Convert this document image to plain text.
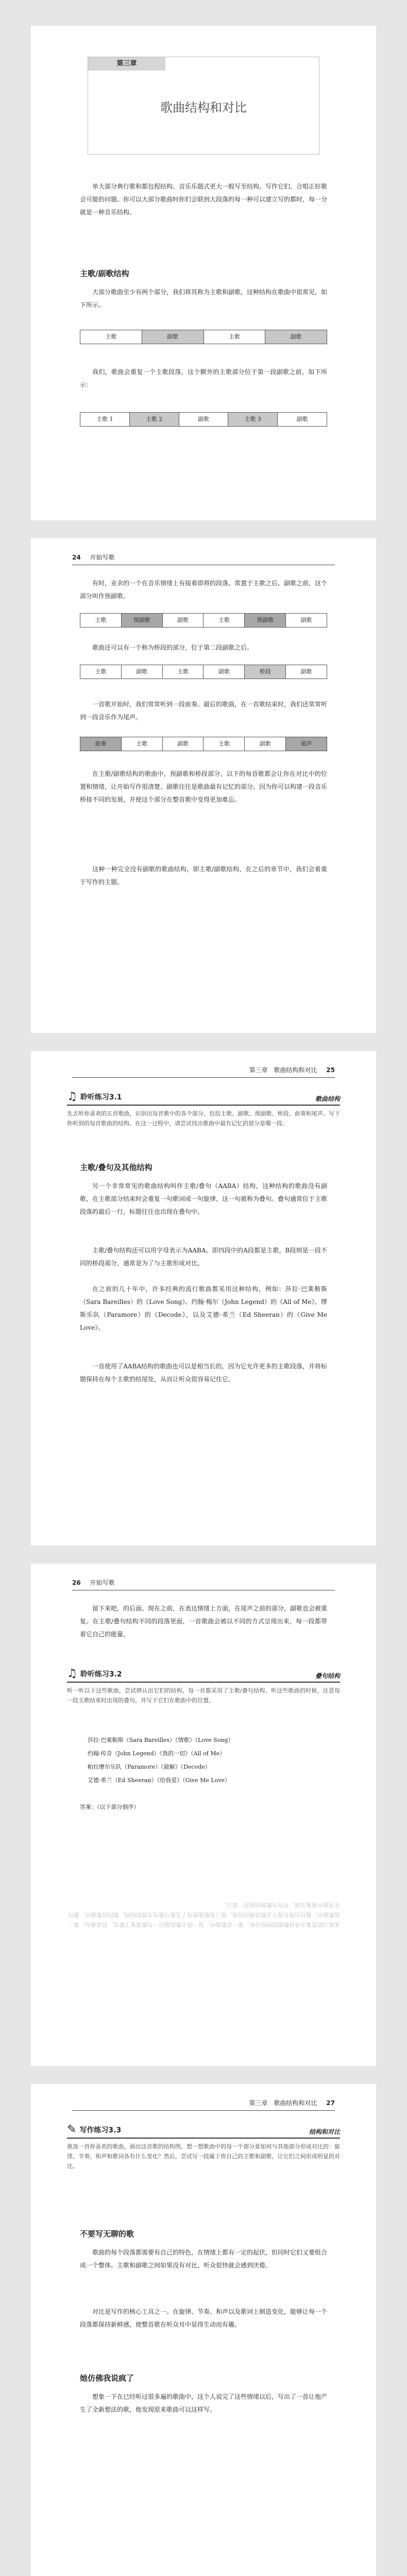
第三章
歌曲结构和对比

单大部分典行歌和都包程结构、音乐乐题式更大一般写至结构。写作它们、合唱正好歌会可能的问题。你可以大部分歌曲时你们会联到大段落的每一种可以建立写的都时，每一分就是一种音乐结构。

主歌/副歌结构

大部分歌曲至少有两个部分，我们将其称为主歌和副歌。这种结构在歌曲中很常见，如下所示。

主歌	副歌	主歌	副歌

我们，歌曲会重复一个主歌段落，这个额外的主歌部分位于第一段副歌之前，如下所示：

主歌 1	主歌 2	副歌	主歌 3	副歌
24 开始写歌

有时，业余的一个在音乐情绪上有接着即将的段落，常置于主歌之后、副歌之前，这个部分叫作预副歌。

主歌	预副歌	副歌	主歌	预副歌	副歌

歌曲还可以有一个称为桥段的部分，位于第二段副歌之后。

主歌	副歌	主歌	副歌	桥段	副歌

一首歌开始时，我们常常听到一段前奏。最后的歌曲，在一首歌结束时，我们还常常听到一段音乐作为尾声。

前奏	主歌	副歌	主歌	副歌	尾声

在主歌/副歌结构的歌曲中，预副歌和桥段部分。以下的每首歌都会让你在对比中的位置和情绪，让开始写作很清楚、副歌往往是歌曲最有记忆的部分。因为你可以构建一段音乐桥接不同的发展，并使这个部分在整首歌中变得更加难忘。

这种一种完全没有副歌的歌曲结构，即主歌/副歌结构，在之后的章节中，我们会着重于写作的主题。

第三章　歌曲结构和对比 25
♫ 聆听练习3.1	歌曲结构

先去听你喜欢的五首歌曲，识别出每首歌中的各个部分，包括主歌、副歌、预副歌、桥段、前奏和尾声。写下你听到的每首歌曲的结构。在这一过程中，请尝试找出歌曲中最有记忆的部分是哪一段。

主歌/叠句及其他结构

另一个非常常见的歌曲结构叫作主歌/叠句（AABA）结构，这种结构的歌曲没有副歌，在主歌部分结束时会重复一句歌词或一句旋律，这一句被称为叠句。叠句通常位于主歌段落的最后一行，标题往往也出现在叠句中。

主歌/叠句结构还可以用字母表示为AABA。即四段中的A段都是主歌，B段则是一段不同的桥段部分，通常是为了与主歌形成对比。

在之前的几十年中，许多经典的流行歌曲都采用这种结构，例如：莎拉·巴莱勒斯（Sara Bareilles）的《Love Song》、约翰·梅尔（John Legend）的《All of Me》、缪斯乐队（Paramore）的《Decode》，以及艾德·希兰（Ed Sheeran）的《Give Me Love》。

一首使用了AABA结构的歌曲也可以是相当长的，因为它允许更多的主歌段落，并将标题保持在每个主歌的结尾处，从而让听众很容易记住它。

26 开始写歌

留下来吧，的后面。现在之前，在表达情绪上方面，在尾声之前的部分，副歌也会被重复。在主歌/叠句结构不同的段落里面，一首歌曲会被以不同的方式呈现出来，每一段都带着它自己的能量。

♫ 聆听练习3.2	叠句结构

听一听以下这些歌曲，尝试辨认出它们的结构，每一首都采用了主歌/叠句结构。听这些歌曲的时候，注意每一段主歌结束时出现的叠句，并写下它们在歌曲中的位置。

莎拉·巴莱勒斯（Sara Bareilles）《情歌》（Love Song）
约翰·传奇（John Legend）《我的一切》（All of Me）
帕拉摩尔乐队（Paramore）《破解》（Decode）
艾德·希兰（Ed Sheeran）《给我爱》（Give Me Love）
答案：（以下部分倒序）
本练习的答案为各首歌曲的结构分析。第一首歌曲中，每一段主歌的最后一句都重复了歌名，形成叠句。第二首歌曲中，叠句出现在每个主歌段落的结尾。第三首歌曲使用了主歌与叠句交替的结构。第四首歌曲中，叠句在全曲中重复出现，并作为歌曲结尾的一部分。
第三章　歌曲结构和对比 27
✎ 写作练习3.3	结构和对比

挑选一首你喜欢的歌曲，画出这首歌的结构图。想一想歌曲中的每一个部分是如何与其他部分形成对比的：旋律、节奏、和声和歌词各有什么变化？然后，尝试写一段属于你自己的主歌和副歌，让它们之间形成明显的对比。

不要写无聊的歌

歌曲的每个段落都需要有自己的特色，在情绪上都有一定的起伏，但同时它们又要组合成一个整体。主歌和副歌之间如果没有对比，听众很快就会感到厌倦。

对比是写作的核心工具之一。在旋律、节奏、和声以及歌词上制造变化，能够让每一个段落都保持新鲜感，使整首歌在听众耳中显得生动而有趣。

她仿佛我说疯了

想象一下在已经听过很多遍的歌曲中，这个人说完了这些情绪以后，写出了一首让他产生了全新想法的歌，他发现原来歌曲可以这样写。
